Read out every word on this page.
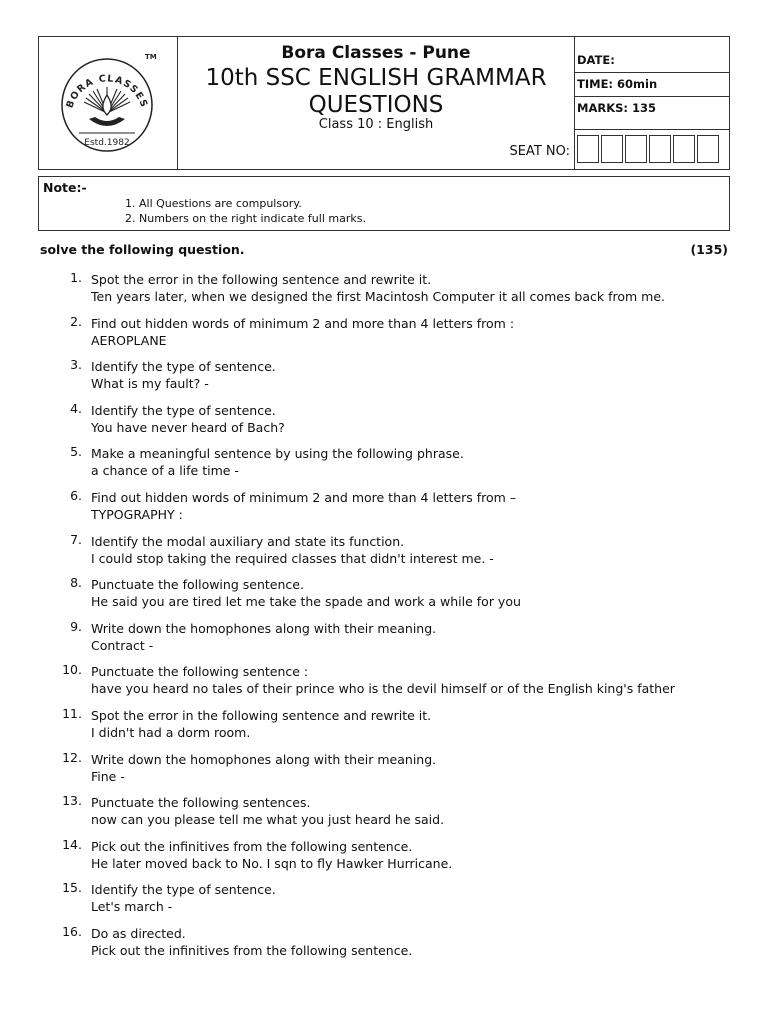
BORA CLASSES
Estd.1982
TM	Bora Classes - Pune
10th SSC ENGLISH GRAMMAR
QUESTIONS
Class 10 : English
SEAT NO:
DATE:
TIME: 60min
MARKS: 135
Note:-
1. All Questions are compulsory.
2. Numbers on the right indicate full marks.
solve the following question.	(135)
1. Spot the error in the following sentence and rewrite it.
Ten years later, when we designed the first Macintosh Computer it all comes back from me.
2. Find out hidden words of minimum 2 and more than 4 letters from :
AEROPLANE
3. Identify the type of sentence.
What is my fault? -
4. Identify the type of sentence.
You have never heard of Bach?
5. Make a meaningful sentence by using the following phrase.
a chance of a life time -
6. Find out hidden words of minimum 2 and more than 4 letters from –
TYPOGRAPHY :
7. Identify the modal auxiliary and state its function.
I could stop taking the required classes that didn't interest me. -
8. Punctuate the following sentence.
He said you are tired let me take the spade and work a while for you
9. Write down the homophones along with their meaning.
Contract -
10. Punctuate the following sentence :
have you heard no tales of their prince who is the devil himself or of the English king's father
11. Spot the error in the following sentence and rewrite it.
I didn't had a dorm room.
12. Write down the homophones along with their meaning.
Fine -
13. Punctuate the following sentences.
now can you please tell me what you just heard he said.
14. Pick out the infinitives from the following sentence.
He later moved back to No. I sqn to fly Hawker Hurricane.
15. Identify the type of sentence.
Let's march -
16. Do as directed.
Pick out the infinitives from the following sentence.
